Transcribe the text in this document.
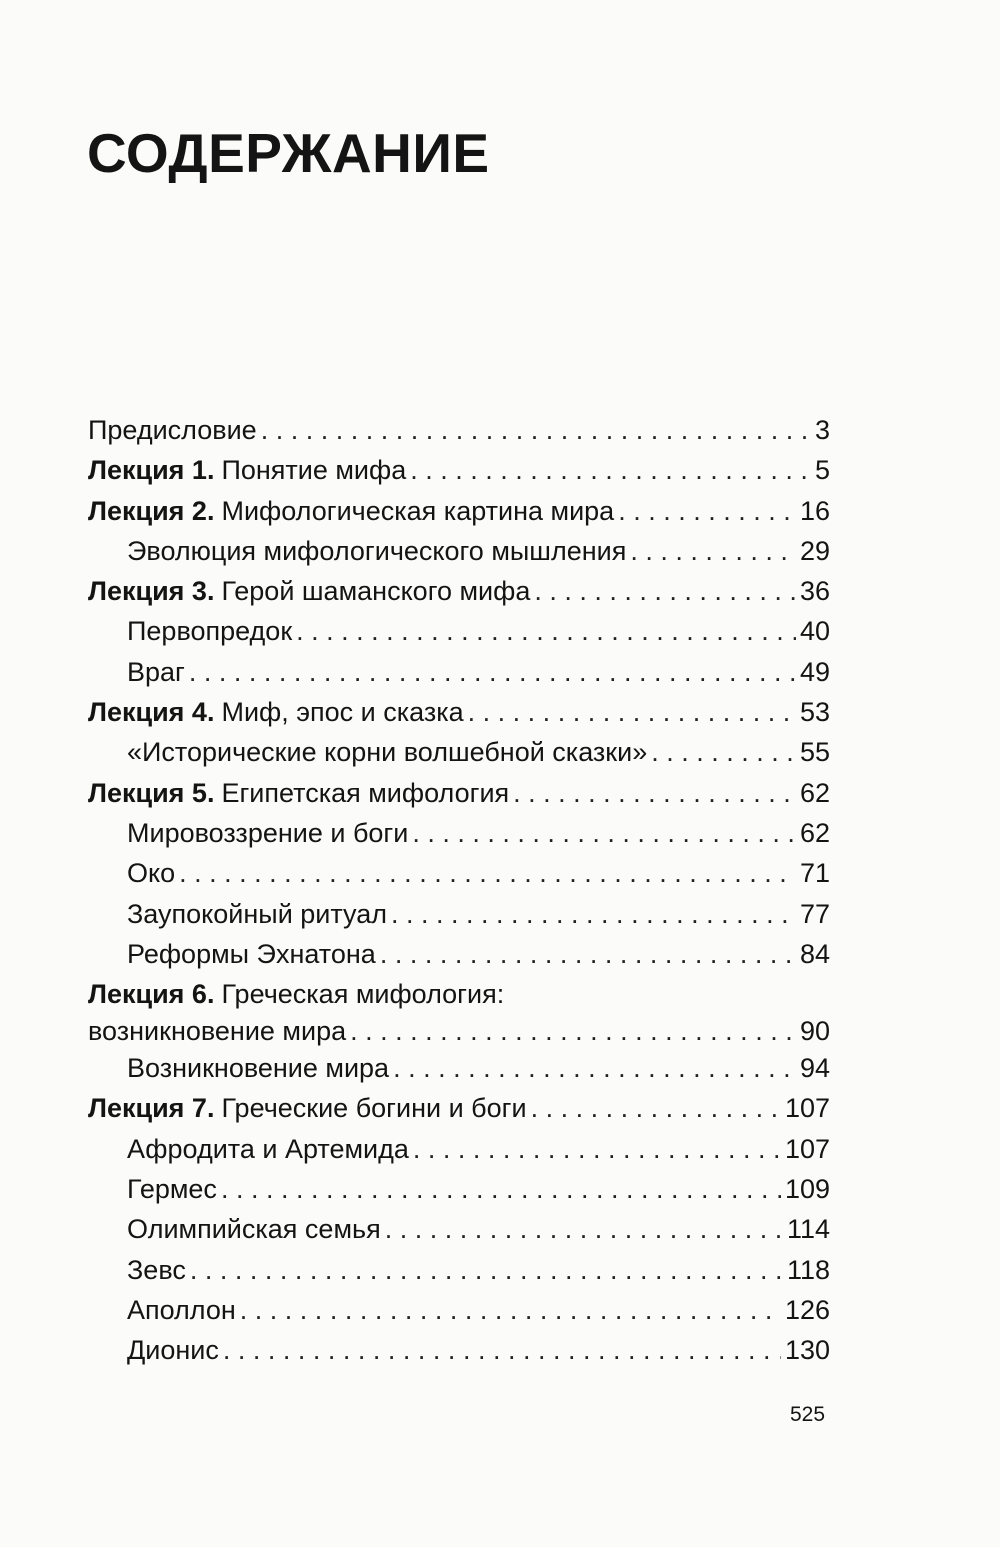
СОДЕРЖАНИЕ
Предисловие . . .	3
Лекция 1. Понятие мифа . . .	5
Лекция 2. Мифологическая картина мира . . .	16
Эволюция мифологического мышления . . .	29
Лекция 3. Герой шаманского мифа . . .	36
Первопредок . . .	40
Враг . . .	49
Лекция 4. Миф, эпос и сказка . . .	53
«Исторические корни волшебной сказки» . . .	55
Лекция 5. Египетская мифология . . .	62
Мировоззрение и боги . . .	62
Око . . .	71
Заупокойный ритуал . . .	77
Реформы Эхнатона . . .	84
Лекция 6. Греческая мифология:
возникновение мира . . .	90
Возникновение мира . . .	94
Лекция 7. Греческие богини и боги . . .	107
Афродита и Артемида . . .	107
Гермес . . .	109
Олимпийская семья . . .	114
Зевс . . .	118
Аполлон . . .	126
Дионис . . .	130
525
